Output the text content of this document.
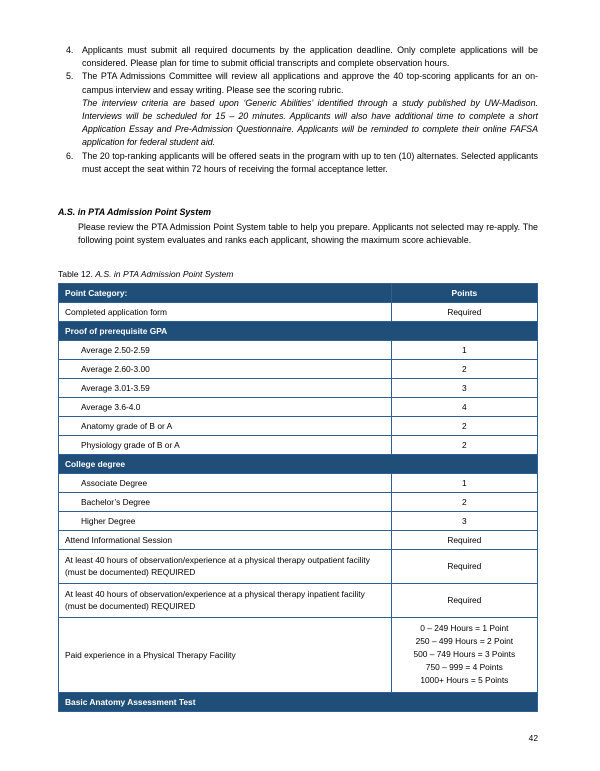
4. Applicants must submit all required documents by the application deadline. Only complete applications will be considered. Please plan for time to submit official transcripts and complete observation hours.
5. The PTA Admissions Committee will review all applications and approve the 40 top-scoring applicants for an on-campus interview and essay writing. Please see the scoring rubric.
The interview criteria are based upon ‘Generic Abilities’ identified through a study published by UW-Madison. Interviews will be scheduled for 15 – 20 minutes. Applicants will also have additional time to complete a short Application Essay and Pre-Admission Questionnaire. Applicants will be reminded to complete their online FAFSA application for federal student aid.
6. The 20 top-ranking applicants will be offered seats in the program with up to ten (10) alternates. Selected applicants must accept the seat within 72 hours of receiving the formal acceptance letter.
A.S. in PTA Admission Point System
Please review the PTA Admission Point System table to help you prepare. Applicants not selected may re-apply. The following point system evaluates and ranks each applicant, showing the maximum score achievable.
Table 12. A.S. in PTA Admission Point System
Point Category:	Points

Completed application form	Required

Proof of prerequisite GPA	

Average 2.50-2.59	1

Average 2.60-3.00	2

Average 3.01-3.59	3

Average 3.6-4.0	4

Anatomy grade of B or A	2

Physiology grade of B or A	2

College degree	

Associate Degree	1

Bachelor’s Degree	2

Higher Degree	3

Attend Informational Session	Required

At least 40 hours of observation/experience at a physical therapy outpatient facility (must be documented) REQUIRED	Required

At least 40 hours of observation/experience at a physical therapy inpatient facility (must be documented) REQUIRED	Required

Paid experience in a Physical Therapy Facility	0 – 249 Hours = 1 Point
250 – 499 Hours = 2 Point
500 – 749 Hours = 3 Points
750 – 999 = 4 Points
1000+ Hours = 5 Points

Basic Anatomy Assessment Test	
42
